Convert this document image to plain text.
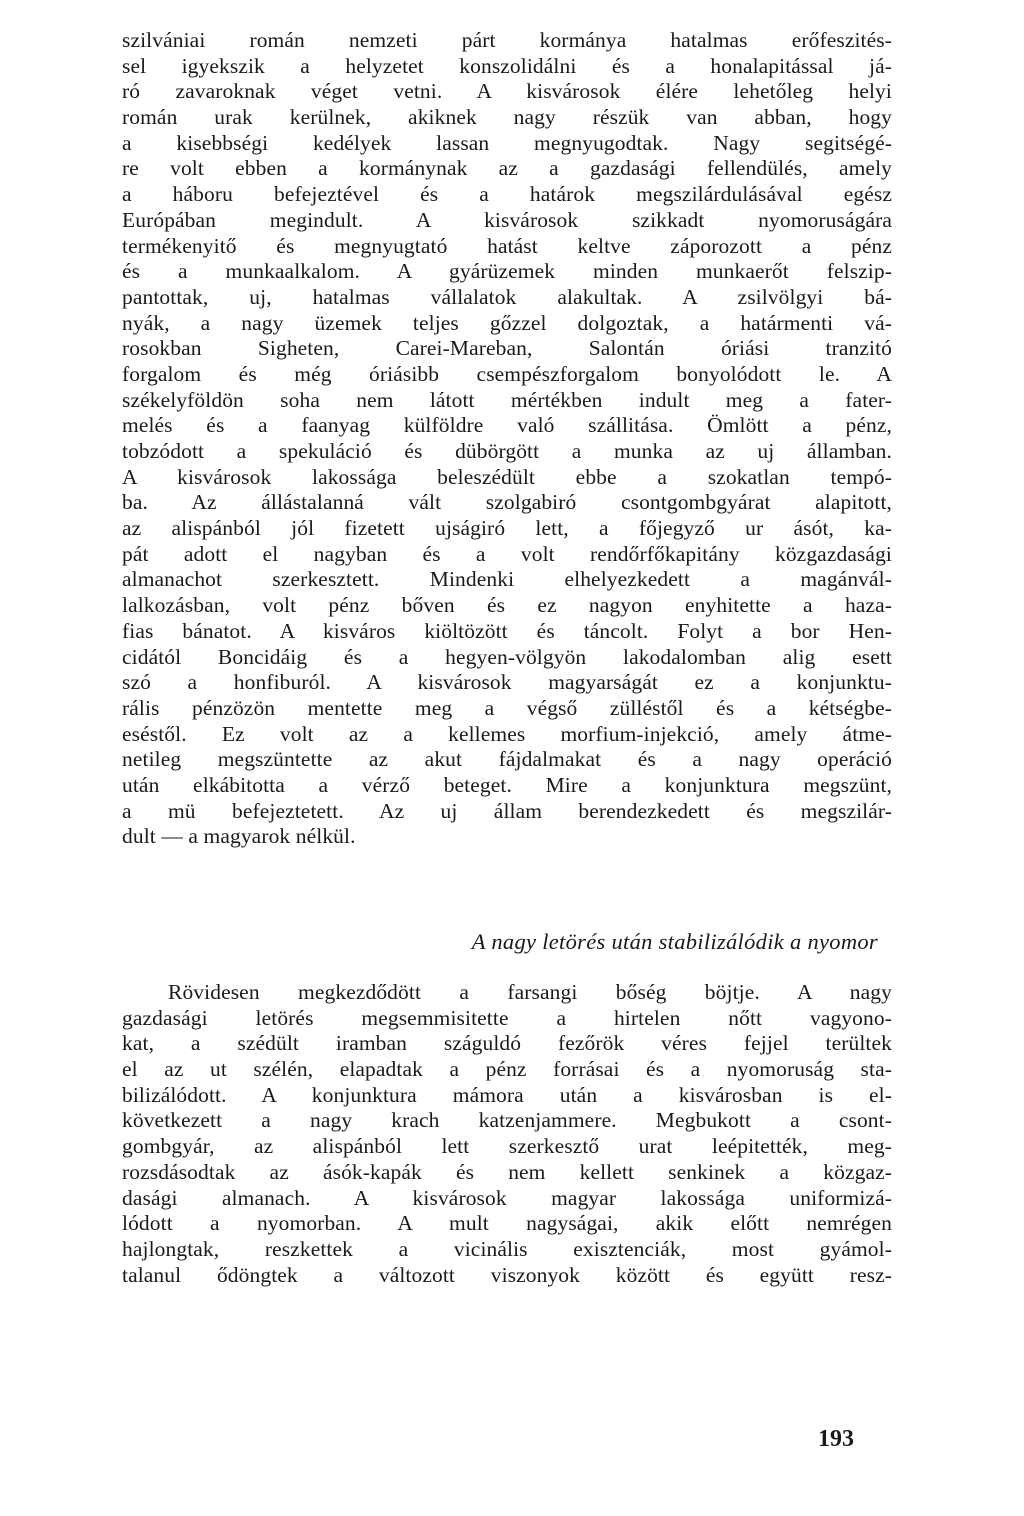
szilvániai román nemzeti párt kormánya hatalmas erőfeszités-
sel igyekszik a helyzetet konszolidálni és a honalapitással já-
ró zavaroknak véget vetni. A kisvárosok élére lehetőleg helyi
román urak kerülnek, akiknek nagy részük van abban, hogy
a kisebbségi kedélyek lassan megnyugodtak. Nagy segitségé-
re volt ebben a kormánynak az a gazdasági fellendülés, amely
a háboru befejeztével és a határok megszilárdulásával egész
Európában megindult. A kisvárosok szikkadt nyomoruságára
termékenyitő és megnyugtató hatást keltve záporozott a pénz
és a munkaalkalom. A gyárüzemek minden munkaerőt felszip-
pantottak, uj, hatalmas vállalatok alakultak. A zsilvölgyi bá-
nyák, a nagy üzemek teljes gőzzel dolgoztak, a határmenti vá-
rosokban Sigheten, Carei-Mareban, Salontán óriási tranzitó
forgalom és még óriásibb csempészforgalom bonyolódott le. A
székelyföldön soha nem látott mértékben indult meg a fater-
melés és a faanyag külföldre való szállitása. Ömlött a pénz,
tobzódott a spekuláció és dübörgött a munka az uj államban.
A kisvárosok lakossága beleszédült ebbe a szokatlan tempó-
ba. Az állástalanná vált szolgabiró csontgombgyárat alapitott,
az alispánból jól fizetett ujságiró lett, a főjegyző ur ásót, ka-
pát adott el nagyban és a volt rendőrfőkapitány közgazdasági
almanachot szerkesztett. Mindenki elhelyezkedett a magánvál-
lalkozásban, volt pénz bőven és ez nagyon enyhitette a haza-
fias bánatot. A kisváros kiöltözött és táncolt. Folyt a bor Hen-
cidától Boncidáig és a hegyen-völgyön lakodalomban alig esett
szó a honfiburól. A kisvárosok magyarságát ez a konjunktu-
rális pénzözön mentette meg a végső zülléstől és a kétségbe-
eséstől. Ez volt az a kellemes morfium-injekció, amely átme-
netileg megszüntette az akut fájdalmakat és a nagy operáció
után elkábitotta a vérző beteget. Mire a konjunktura megszünt,
a mü befejeztetett. Az uj állam berendezkedett és megszilár-
dult — a magyarok nélkül.
A nagy letörés után stabilizálódik a nyomor
Rövidesen megkezdődött a farsangi bőség böjtje. A nagy
gazdasági letörés megsemmisitette a hirtelen nőtt vagyono-
kat, a szédült iramban száguldó fezőrök véres fejjel terültek
el az ut szélén, elapadtak a pénz forrásai és a nyomoruság sta-
bilizálódott. A konjunktura mámora után a kisvárosban is el-
következett a nagy krach katzenjammere. Megbukott a csont-
gombgyár, az alispánból lett szerkesztő urat leépitették, meg-
rozsdásodtak az ásók-kapák és nem kellett senkinek a közgaz-
dasági almanach. A kisvárosok magyar lakossága uniformizá-
lódott a nyomorban. A mult nagyságai, akik előtt nemrégen
hajlongtak, reszkettek a vicinális exisztenciák, most gyámol-
talanul ődöngtek a változott viszonyok között és együtt resz-
193
